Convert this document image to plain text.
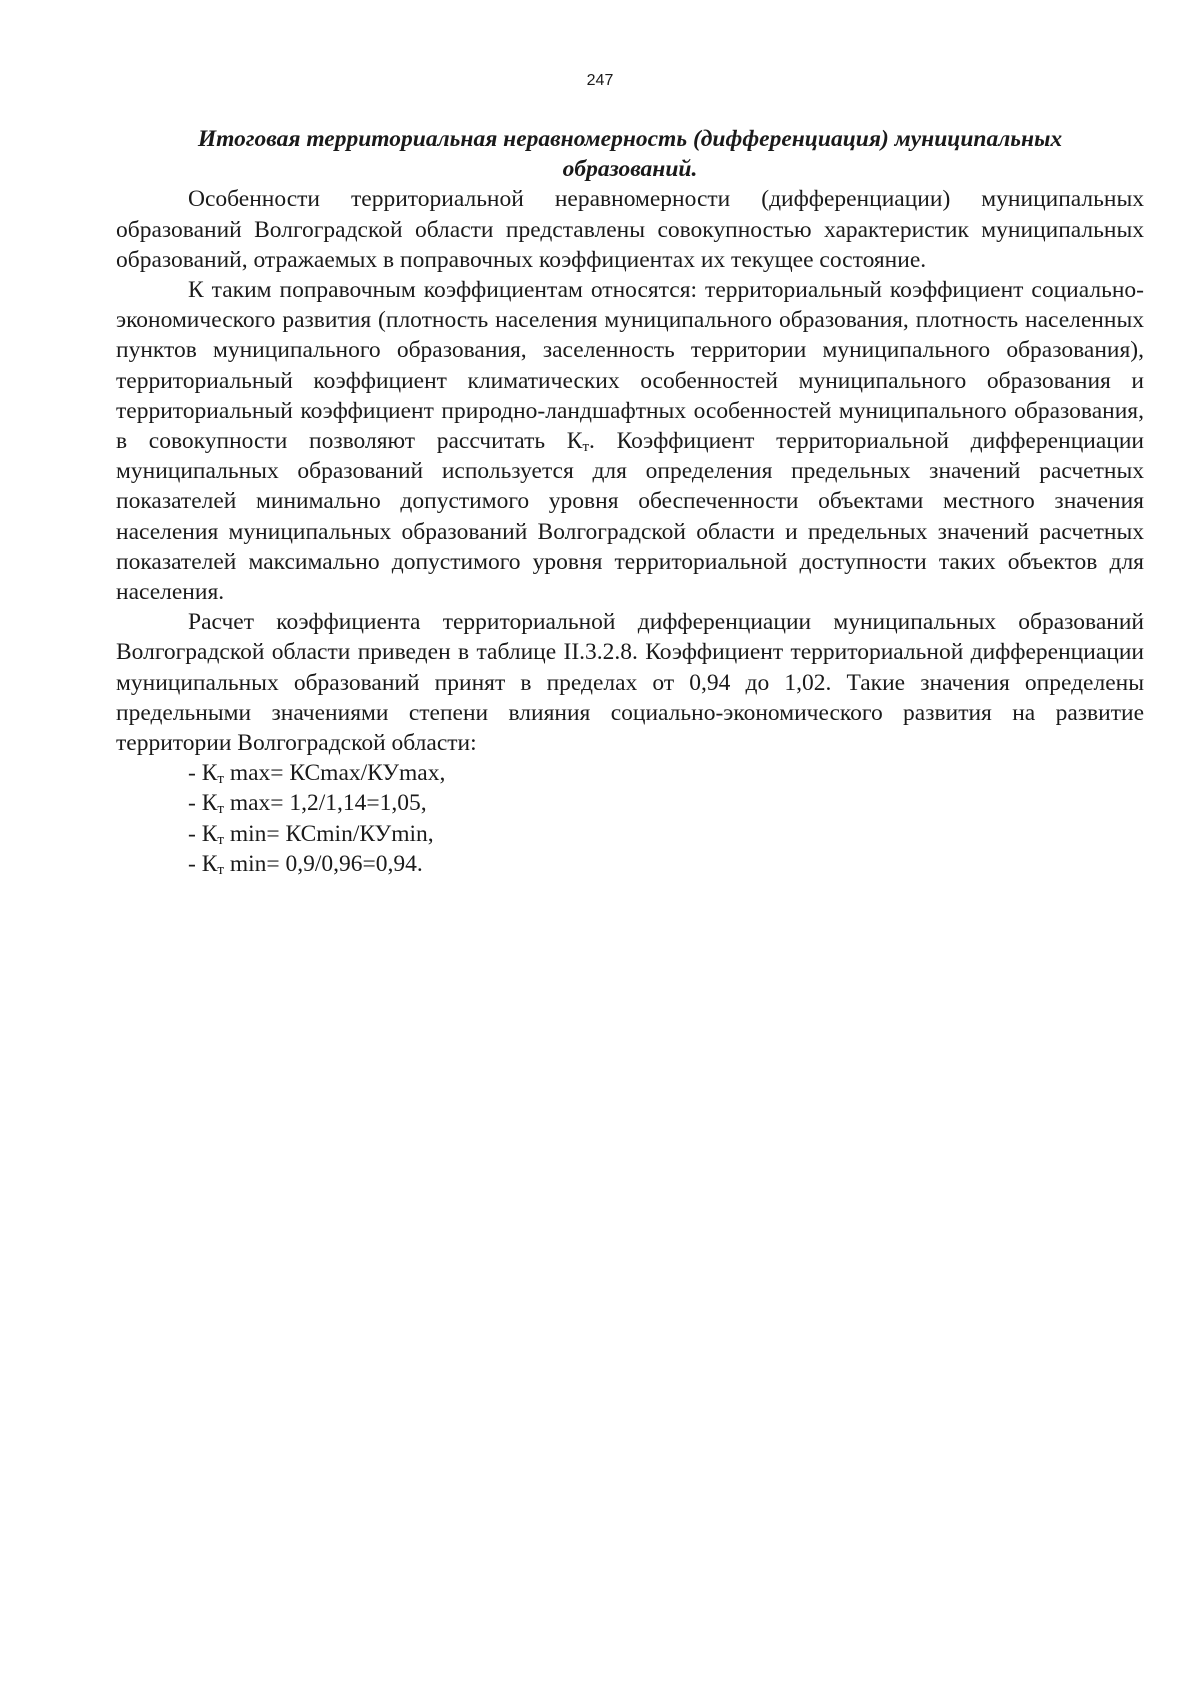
247

Итоговая территориальная неравномерность (дифференциация) муниципальных образований.

Особенности территориальной неравномерности (дифференциации) муниципальных образований Волгоградской области представлены совокупностью характеристик муниципальных образований, отражаемых в поправочных коэффициентах их текущее состояние.

К таким поправочным коэффициентам относятся: территориальный коэффициент социально-экономического развития (плотность населения муниципального образования, плотность населенных пунктов муниципального образования, заселенность территории муниципального образования), территориальный коэффициент климатических особенностей муниципального образования и территориальный коэффициент природно-ландшафтных особенностей муниципального образования, в совокупности позволяют рассчитать $К_т$. Коэффициент территориальной дифференциации муниципальных образований используется для определения предельных значений расчетных показателей минимально допустимого уровня обеспеченности объектами местного значения населения муниципальных образований Волгоградской области и предельных значений расчетных показателей максимально допустимого уровня территориальной доступности таких объектов для населения.

Расчет коэффициента территориальной дифференциации муниципальных образований Волгоградской области приведен в таблице II.3.2.8. Коэффициент территориальной дифференциации муниципальных образований принят в пределах от 0,94 до 1,02. Такие значения определены предельными значениями степени влияния социально-экономического развития на развитие территории Волгоградской области:

- $К_т$ max= КСmax/КУmax,

- $К_т$ max= 1,2/1,14=1,05,

- $К_т$ min= КСmin/КУmin,

- $К_т$ min= 0,9/0,96=0,94.
